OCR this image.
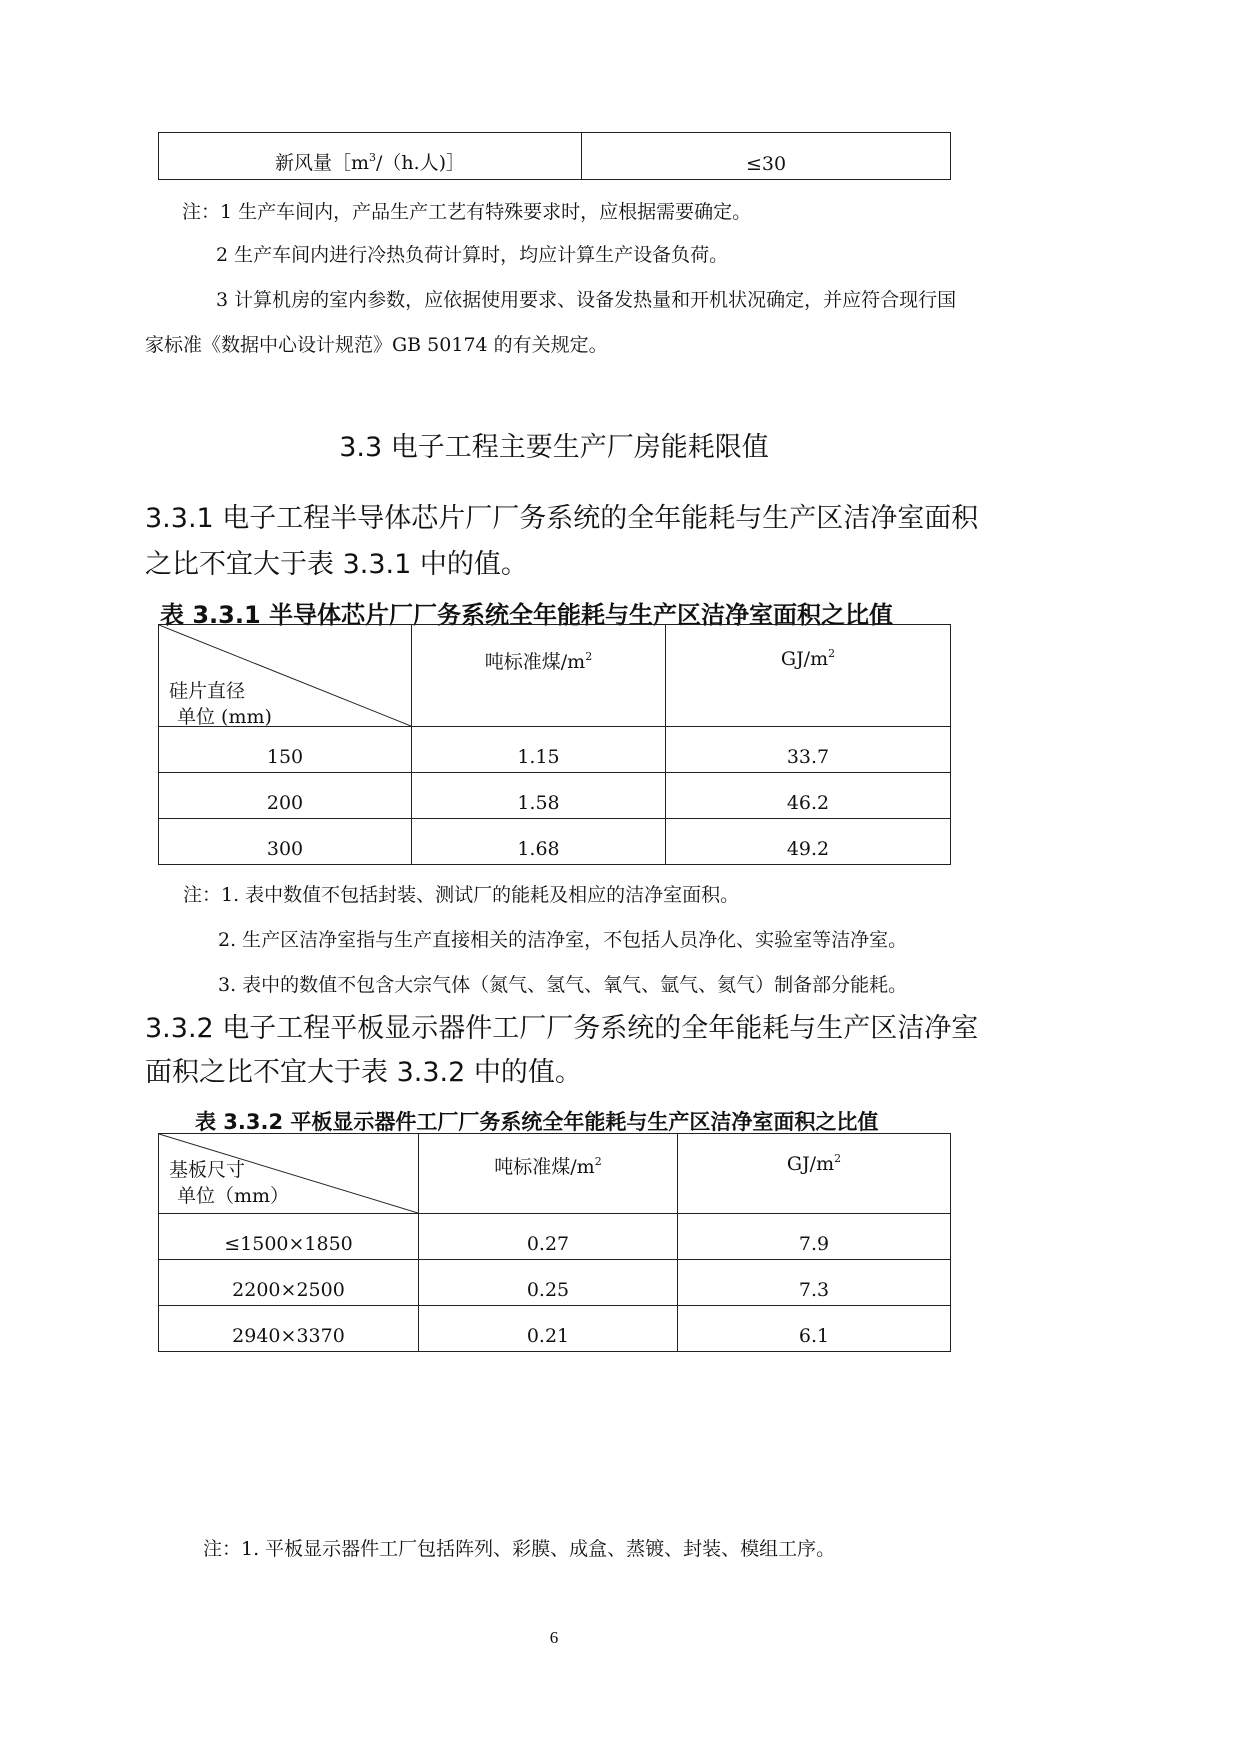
新风量$[m^3/(h$.人)］	≤30
注：1 生产车间内，产品生产工艺有特殊要求时，应根据需要确定。
2 生产车间内进行冷热负荷计算时，均应计算生产设备负荷。
3 计算机房的室内参数，应依据使用要求、设备发热量和开机状况确定，并应符合现行国
家标准《数据中心设计规范》GB 50174 的有关规定。
3.3 电子工程主要生产厂房能耗限值
3.3.1 电子工程半导体芯片厂厂务系统的全年能耗与生产区洁净室面积
之比不宜大于表 3.3.1 中的值。
表 3.3.1 半导体芯片厂厂务系统全年能耗与生产区洁净室面积之比值
硅片直径
单位 (mm)	吨标准煤$/m^2$	$GJ/m^2$
150	1.15	33.7
200	1.58	46.2
300	1.68	49.2
注：1. 表中数值不包括封装、测试厂的能耗及相应的洁净室面积。
2. 生产区洁净室指与生产直接相关的洁净室，不包括人员净化、实验室等洁净室。
3. 表中的数值不包含大宗气体（氮气、氢气、氧气、氩气、氦气）制备部分能耗。
3.3.2 电子工程平板显示器件工厂厂务系统的全年能耗与生产区洁净室
面积之比不宜大于表 3.3.2 中的值。
表 3.3.2 平板显示器件工厂厂务系统全年能耗与生产区洁净室面积之比值
基板尺寸
单位（mm）	吨标准煤$/m^2$	$GJ/m^2$
≤1500×1850	0.27	7.9
2200×2500	0.25	7.3
2940×3370	0.21	6.1
注：1. 平板显示器件工厂包括阵列、彩膜、成盒、蒸镀、封装、模组工序。
6
